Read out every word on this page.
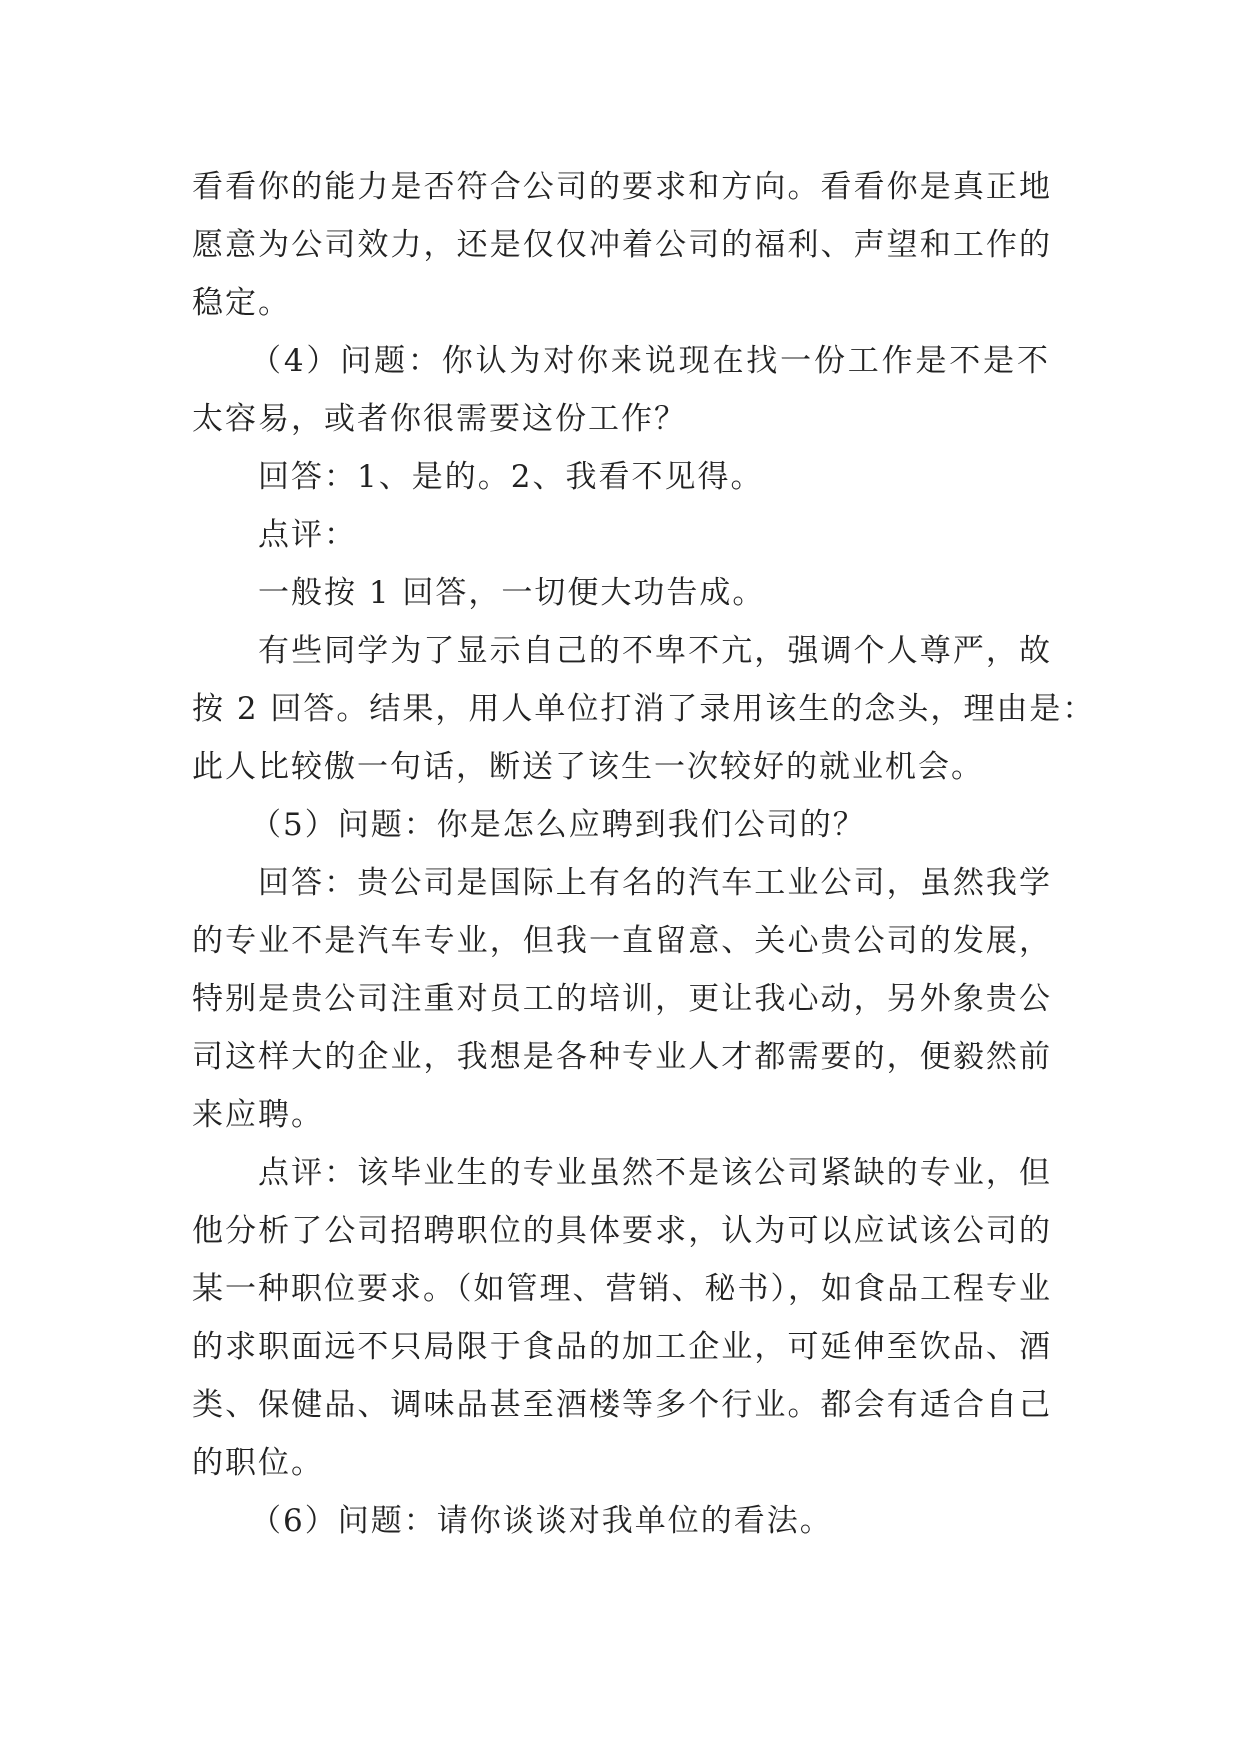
看看你的能力是否符合公司的要求和方向。看看你是真正地
愿意为公司效力，还是仅仅冲着公司的福利、声望和工作的
稳定。
（4）问题：你认为对你来说现在找一份工作是不是不
太容易，或者你很需要这份工作？
回答：1、是的。2、我看不见得。
点评：
一般按 1 回答，一切便大功告成。
有些同学为了显示自己的不卑不亢，强调个人尊严，故
按 2 回答。结果，用人单位打消了录用该生的念头，理由是：
此人比较傲一句话，断送了该生一次较好的就业机会。
（5）问题：你是怎么应聘到我们公司的？
回答：贵公司是国际上有名的汽车工业公司，虽然我学
的专业不是汽车专业，但我一直留意、关心贵公司的发展，
特别是贵公司注重对员工的培训，更让我心动，另外象贵公
司这样大的企业，我想是各种专业人才都需要的，便毅然前
来应聘。
点评：该毕业生的专业虽然不是该公司紧缺的专业，但
他分析了公司招聘职位的具体要求，认为可以应试该公司的
某一种职位要求。（如管理、营销、秘书），如食品工程专业
的求职面远不只局限于食品的加工企业，可延伸至饮品、酒
类、保健品、调味品甚至酒楼等多个行业。都会有适合自己
的职位。
（6）问题：请你谈谈对我单位的看法。
